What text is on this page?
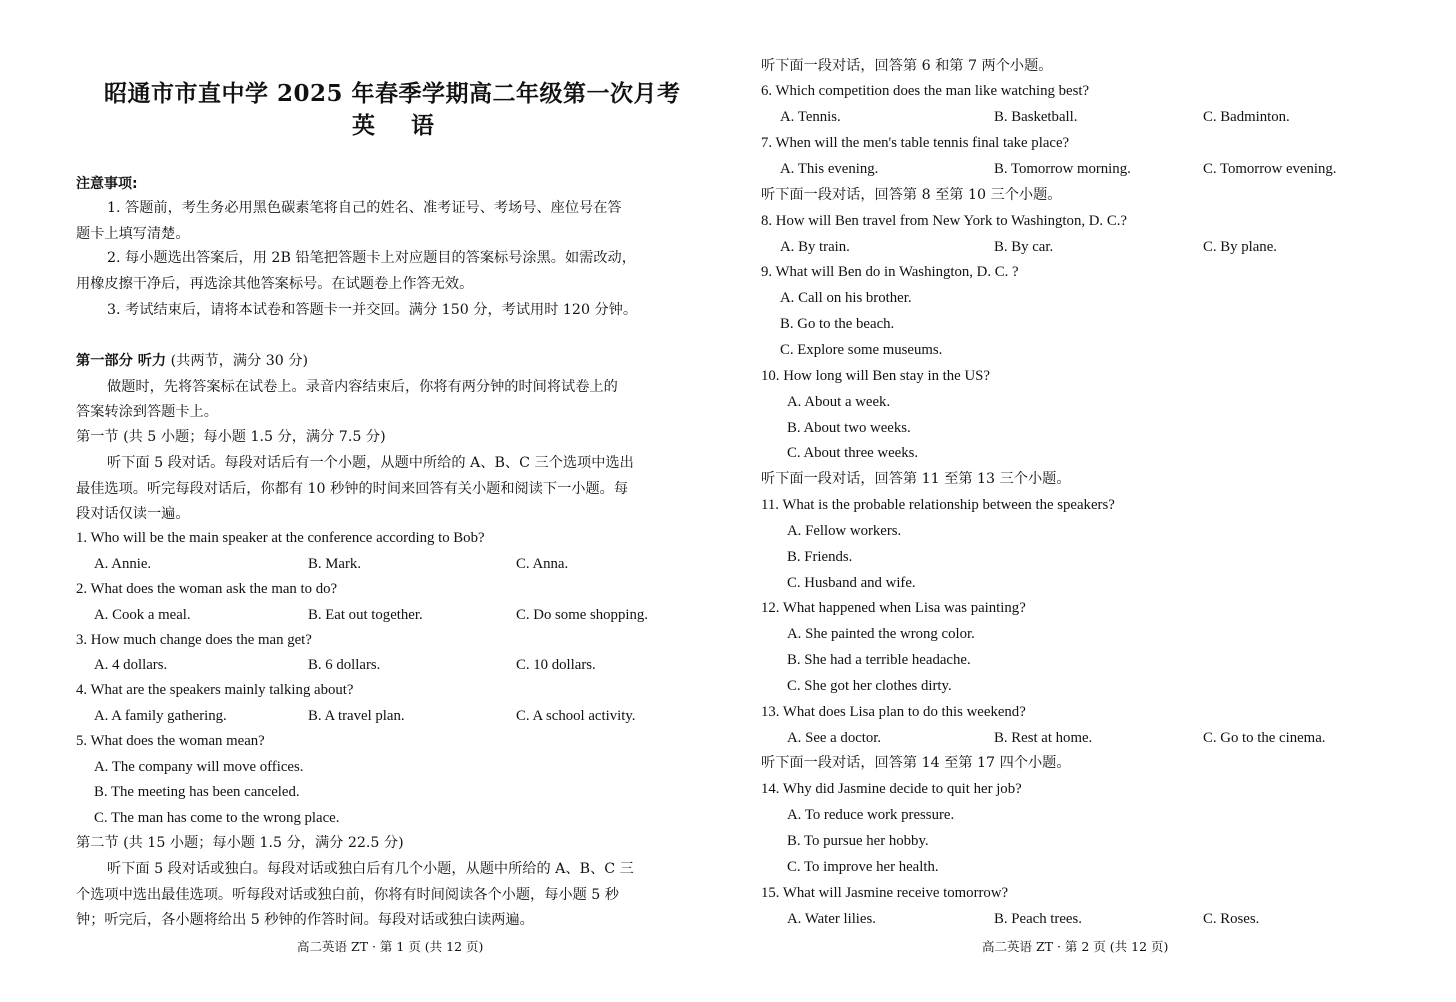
昭通市市直中学 2025 年春季学期高二年级第一次月考
英 语
注意事项:
1. 答题前，考生务必用黑色碳素笔将自己的姓名、准考证号、考场号、座位号在答
题卡上填写清楚。
2. 每小题选出答案后，用 2B 铅笔把答题卡上对应题目的答案标号涂黑。如需改动，
用橡皮擦干净后，再选涂其他答案标号。在试题卷上作答无效。
3. 考试结束后，请将本试卷和答题卡一并交回。满分 150 分，考试用时 120 分钟。
第一部分 听力 (共两节，满分 30 分)
做题时，先将答案标在试卷上。录音内容结束后，你将有两分钟的时间将试卷上的
答案转涂到答题卡上。
第一节 (共 5 小题；每小题 1.5 分，满分 7.5 分)
听下面 5 段对话。每段对话后有一个小题，从题中所给的 A、B、C 三个选项中选出
最佳选项。听完每段对话后，你都有 10 秒钟的时间来回答有关小题和阅读下一小题。每
段对话仅读一遍。
1. Who will be the main speaker at the conference according to Bob?
A. Annie.	B. Mark.	C. Anna.
2. What does the woman ask the man to do?
A. Cook a meal.	B. Eat out together.	C. Do some shopping.
3. How much change does the man get?
A. 4 dollars.	B. 6 dollars.	C. 10 dollars.
4. What are the speakers mainly talking about?
A. A family gathering.	B. A travel plan.	C. A school activity.
5. What does the woman mean?
A. The company will move offices.
B. The meeting has been canceled.
C. The man has come to the wrong place.
第二节 (共 15 小题；每小题 1.5 分，满分 22.5 分)
听下面 5 段对话或独白。每段对话或独白后有几个小题，从题中所给的 A、B、C 三
个选项中选出最佳选项。听每段对话或独白前，你将有时间阅读各个小题，每小题 5 秒
钟；听完后，各小题将给出 5 秒钟的作答时间。每段对话或独白读两遍。
高二英语 ZT · 第 1 页 (共 12 页)
听下面一段对话，回答第 6 和第 7 两个小题。
6. Which competition does the man like watching best?
A. Tennis.	B. Basketball.	C. Badminton.
7. When will the men's table tennis final take place?
A. This evening.	B. Tomorrow morning.	C. Tomorrow evening.
听下面一段对话，回答第 8 至第 10 三个小题。
8. How will Ben travel from New York to Washington, D. C.?
A. By train.	B. By car.	C. By plane.
9. What will Ben do in Washington, D. C. ?
A. Call on his brother.
B. Go to the beach.
C. Explore some museums.
10. How long will Ben stay in the US?
A. About a week.
B. About two weeks.
C. About three weeks.
听下面一段对话，回答第 11 至第 13 三个小题。
11. What is the probable relationship between the speakers?
A. Fellow workers.
B. Friends.
C. Husband and wife.
12. What happened when Lisa was painting?
A. She painted the wrong color.
B. She had a terrible headache.
C. She got her clothes dirty.
13. What does Lisa plan to do this weekend?
A. See a doctor.	B. Rest at home.	C. Go to the cinema.
听下面一段对话，回答第 14 至第 17 四个小题。
14. Why did Jasmine decide to quit her job?
A. To reduce work pressure.
B. To pursue her hobby.
C. To improve her health.
15. What will Jasmine receive tomorrow?
A. Water lilies.	B. Peach trees.	C. Roses.
高二英语 ZT · 第 2 页 (共 12 页)
